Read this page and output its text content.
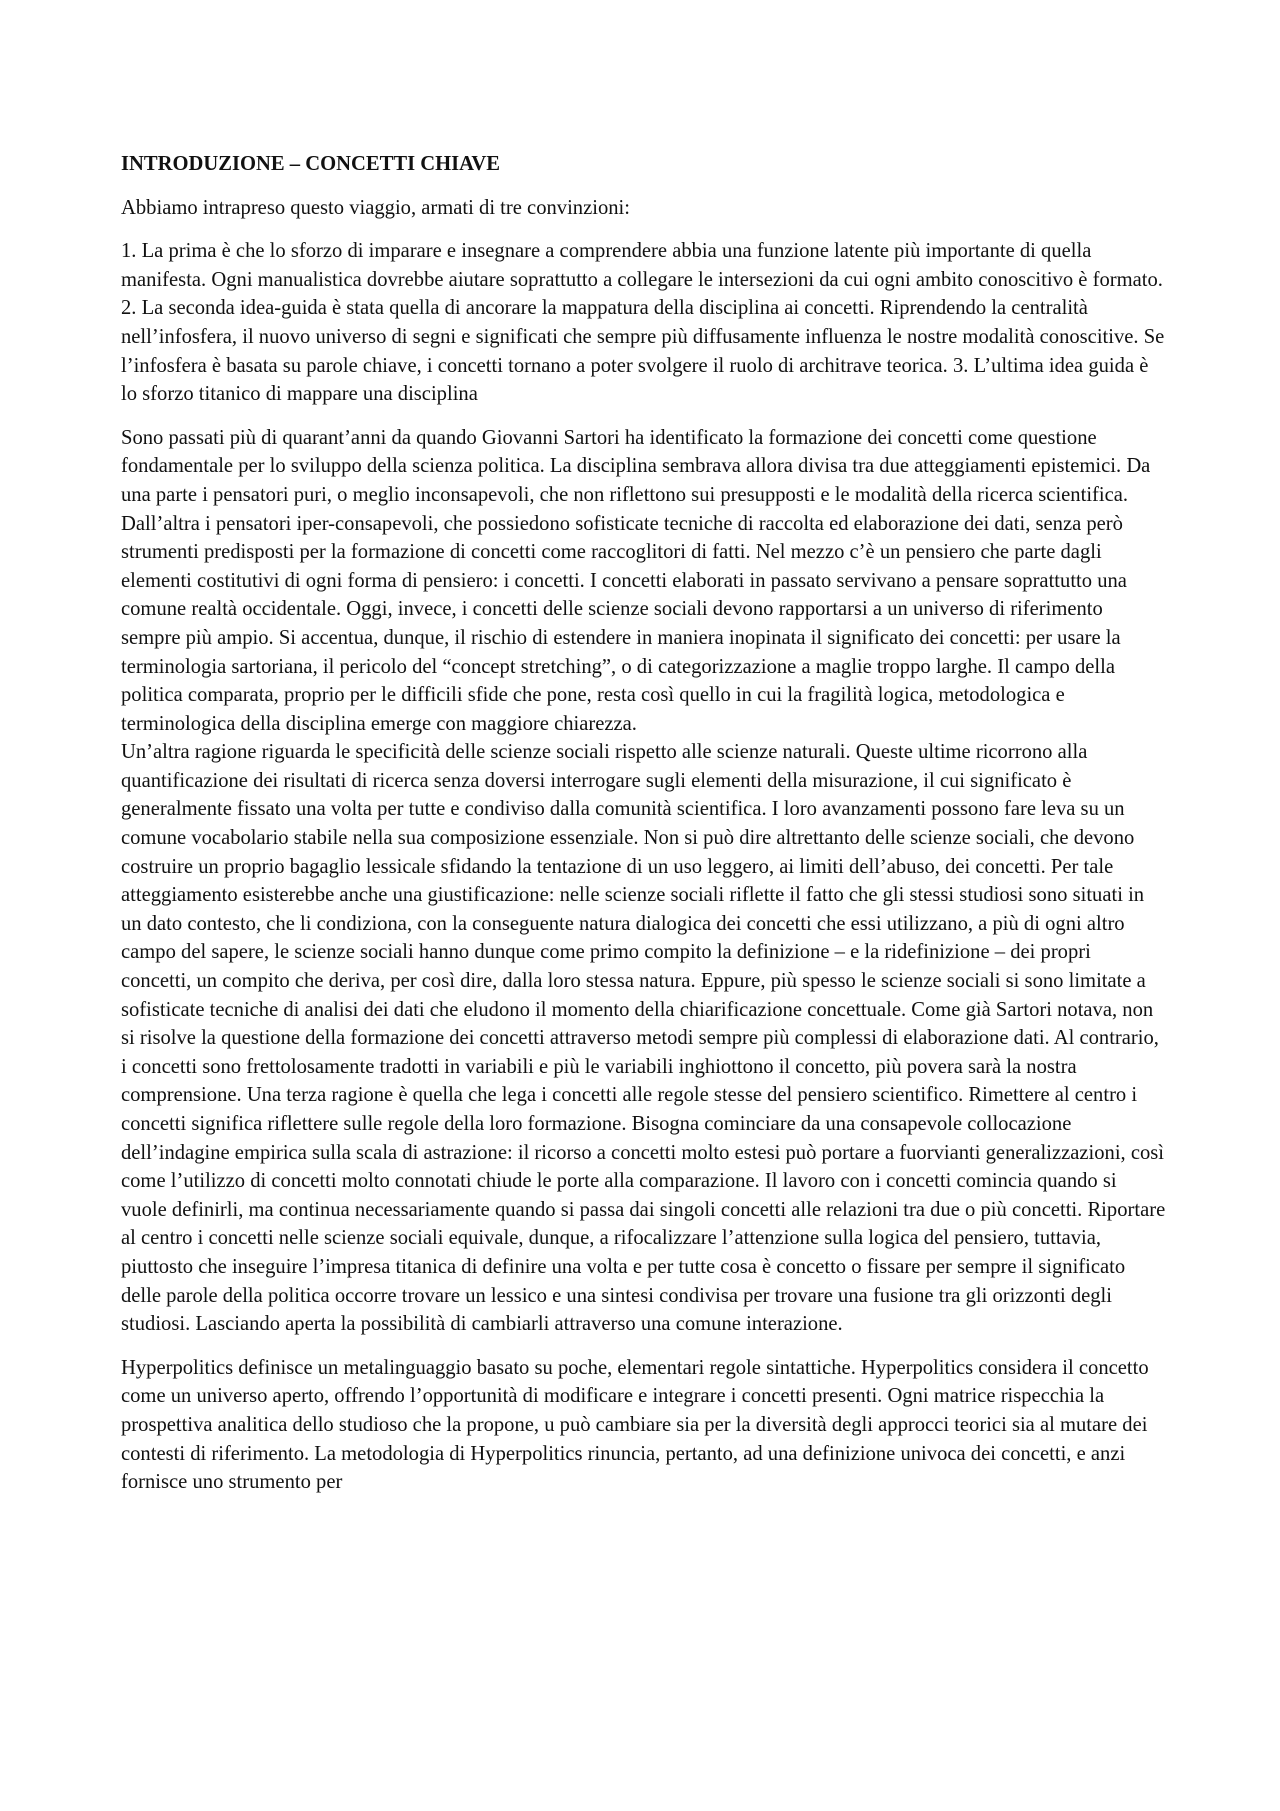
INTRODUZIONE – CONCETTI CHIAVE

Abbiamo intrapreso questo viaggio, armati di tre convinzioni:

1. La prima è che lo sforzo di imparare e insegnare a comprendere abbia una funzione latente più importante di quella manifesta. Ogni manualistica dovrebbe aiutare soprattutto a collegare le intersezioni da cui ogni ambito conoscitivo è formato. 2. La seconda idea-guida è stata quella di ancorare la mappatura della disciplina ai concetti. Riprendendo la centralità nell’infosfera, il nuovo universo di segni e significati che sempre più diffusamente influenza le nostre modalità conoscitive. Se l’infosfera è basata su parole chiave, i concetti tornano a poter svolgere il ruolo di architrave teorica. 3. L’ultima idea guida è lo sforzo titanico di mappare una disciplina

Sono passati più di quarant’anni da quando Giovanni Sartori ha identificato la formazione dei concetti come questione fondamentale per lo sviluppo della scienza politica. La disciplina sembrava allora divisa tra due atteggiamenti epistemici. Da una parte i pensatori puri, o meglio inconsapevoli, che non riflettono sui presupposti e le modalità della ricerca scientifica. Dall’altra i pensatori iper-consapevoli, che possiedono sofisticate tecniche di raccolta ed elaborazione dei dati, senza però strumenti predisposti per la formazione di concetti come raccoglitori di fatti. Nel mezzo c’è un pensiero che parte dagli elementi costitutivi di ogni forma di pensiero: i concetti. I concetti elaborati in passato servivano a pensare soprattutto una comune realtà occidentale. Oggi, invece, i concetti delle scienze sociali devono rapportarsi a un universo di riferimento sempre più ampio. Si accentua, dunque, il rischio di estendere in maniera inopinata il significato dei concetti: per usare la terminologia sartoriana, il pericolo del “concept stretching”, o di categorizzazione a maglie troppo larghe. Il campo della politica comparata, proprio per le difficili sfide che pone, resta così quello in cui la fragilità logica, metodologica e terminologica della disciplina emerge con maggiore chiarezza.

Un’altra ragione riguarda le specificità delle scienze sociali rispetto alle scienze naturali. Queste ultime ricorrono alla quantificazione dei risultati di ricerca senza doversi interrogare sugli elementi della misurazione, il cui significato è generalmente fissato una volta per tutte e condiviso dalla comunità scientifica. I loro avanzamenti possono fare leva su un comune vocabolario stabile nella sua composizione essenziale. Non si può dire altrettanto delle scienze sociali, che devono costruire un proprio bagaglio lessicale sfidando la tentazione di un uso leggero, ai limiti dell’abuso, dei concetti. Per tale atteggiamento esisterebbe anche una giustificazione: nelle scienze sociali riflette il fatto che gli stessi studiosi sono situati in un dato contesto, che li condiziona, con la conseguente natura dialogica dei concetti che essi utilizzano, a più di ogni altro campo del sapere, le scienze sociali hanno dunque come primo compito la definizione – e la ridefinizione – dei propri concetti, un compito che deriva, per così dire, dalla loro stessa natura. Eppure, più spesso le scienze sociali si sono limitate a sofisticate tecniche di analisi dei dati che eludono il momento della chiarificazione concettuale. Come già Sartori notava, non si risolve la questione della formazione dei concetti attraverso metodi sempre più complessi di elaborazione dati. Al contrario, i concetti sono frettolosamente tradotti in variabili e più le variabili inghiottono il concetto, più povera sarà la nostra comprensione. Una terza ragione è quella che lega i concetti alle regole stesse del pensiero scientifico. Rimettere al centro i concetti significa riflettere sulle regole della loro formazione. Bisogna cominciare da una consapevole collocazione dell’indagine empirica sulla scala di astrazione: il ricorso a concetti molto estesi può portare a fuorvianti generalizzazioni, così come l’utilizzo di concetti molto connotati chiude le porte alla comparazione. Il lavoro con i concetti comincia quando si vuole definirli, ma continua necessariamente quando si passa dai singoli concetti alle relazioni tra due o più concetti. Riportare al centro i concetti nelle scienze sociali equivale, dunque, a rifocalizzare l’attenzione sulla logica del pensiero, tuttavia, piuttosto che inseguire l’impresa titanica di definire una volta e per tutte cosa è concetto o fissare per sempre il significato delle parole della politica occorre trovare un lessico e una sintesi condivisa per trovare una fusione tra gli orizzonti degli studiosi. Lasciando aperta la possibilità di cambiarli attraverso una comune interazione.

Hyperpolitics definisce un metalinguaggio basato su poche, elementari regole sintattiche. Hyperpolitics considera il concetto come un universo aperto, offrendo l’opportunità di modificare e integrare i concetti presenti. Ogni matrice rispecchia la prospettiva analitica dello studioso che la propone, u può cambiare sia per la diversità degli approcci teorici sia al mutare dei contesti di riferimento. La metodologia di Hyperpolitics rinuncia, pertanto, ad una definizione univoca dei concetti, e anzi fornisce uno strumento per
